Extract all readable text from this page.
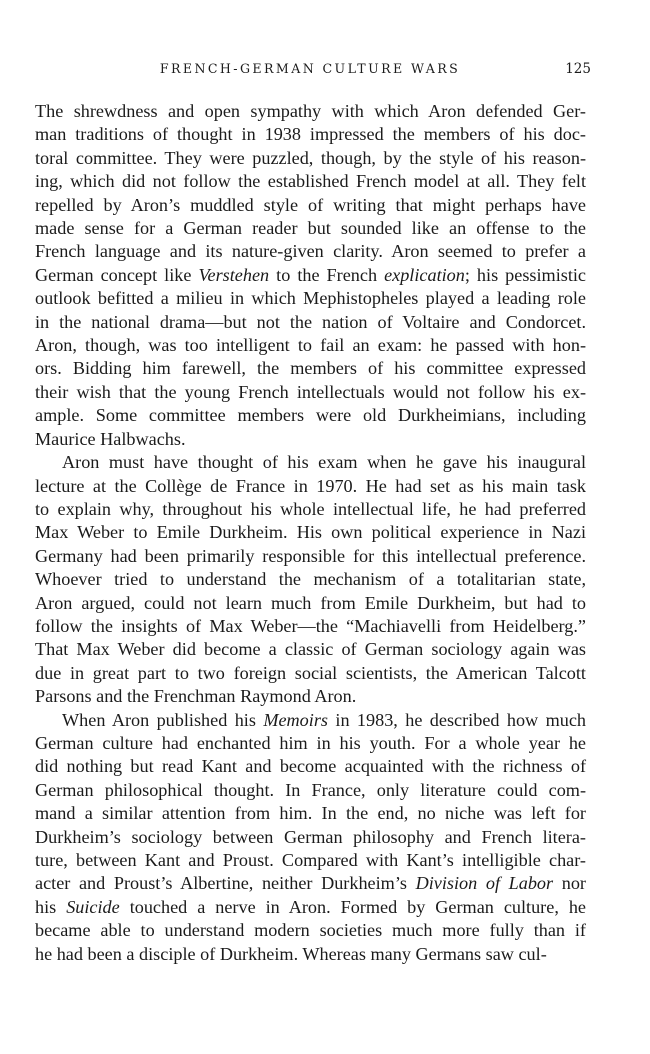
FRENCH-GERMAN CULTURE WARS	125
The shrewdness and open sympathy with which Aron defended Ger-
man traditions of thought in 1938 impressed the members of his doc-
toral committee. They were puzzled, though, by the style of his reason-
ing, which did not follow the established French model at all. They felt
repelled by Aron’s muddled style of writing that might perhaps have
made sense for a German reader but sounded like an offense to the
French language and its nature-given clarity. Aron seemed to prefer a
German concept like Verstehen to the French explication; his pessimistic
outlook befitted a milieu in which Mephistopheles played a leading role
in the national drama—but not the nation of Voltaire and Condorcet.
Aron, though, was too intelligent to fail an exam: he passed with hon-
ors. Bidding him farewell, the members of his committee expressed
their wish that the young French intellectuals would not follow his ex-
ample. Some committee members were old Durkheimians, including
Maurice Halbwachs.
Aron must have thought of his exam when he gave his inaugural
lecture at the Collège de France in 1970. He had set as his main task
to explain why, throughout his whole intellectual life, he had preferred
Max Weber to Emile Durkheim. His own political experience in Nazi
Germany had been primarily responsible for this intellectual preference.
Whoever tried to understand the mechanism of a totalitarian state,
Aron argued, could not learn much from Emile Durkheim, but had to
follow the insights of Max Weber—the “Machiavelli from Heidelberg.”
That Max Weber did become a classic of German sociology again was
due in great part to two foreign social scientists, the American Talcott
Parsons and the Frenchman Raymond Aron.
When Aron published his Memoirs in 1983, he described how much
German culture had enchanted him in his youth. For a whole year he
did nothing but read Kant and become acquainted with the richness of
German philosophical thought. In France, only literature could com-
mand a similar attention from him. In the end, no niche was left for
Durkheim’s sociology between German philosophy and French litera-
ture, between Kant and Proust. Compared with Kant’s intelligible char-
acter and Proust’s Albertine, neither Durkheim’s Division of Labor nor
his Suicide touched a nerve in Aron. Formed by German culture, he
became able to understand modern societies much more fully than if
he had been a disciple of Durkheim. Whereas many Germans saw cul-
